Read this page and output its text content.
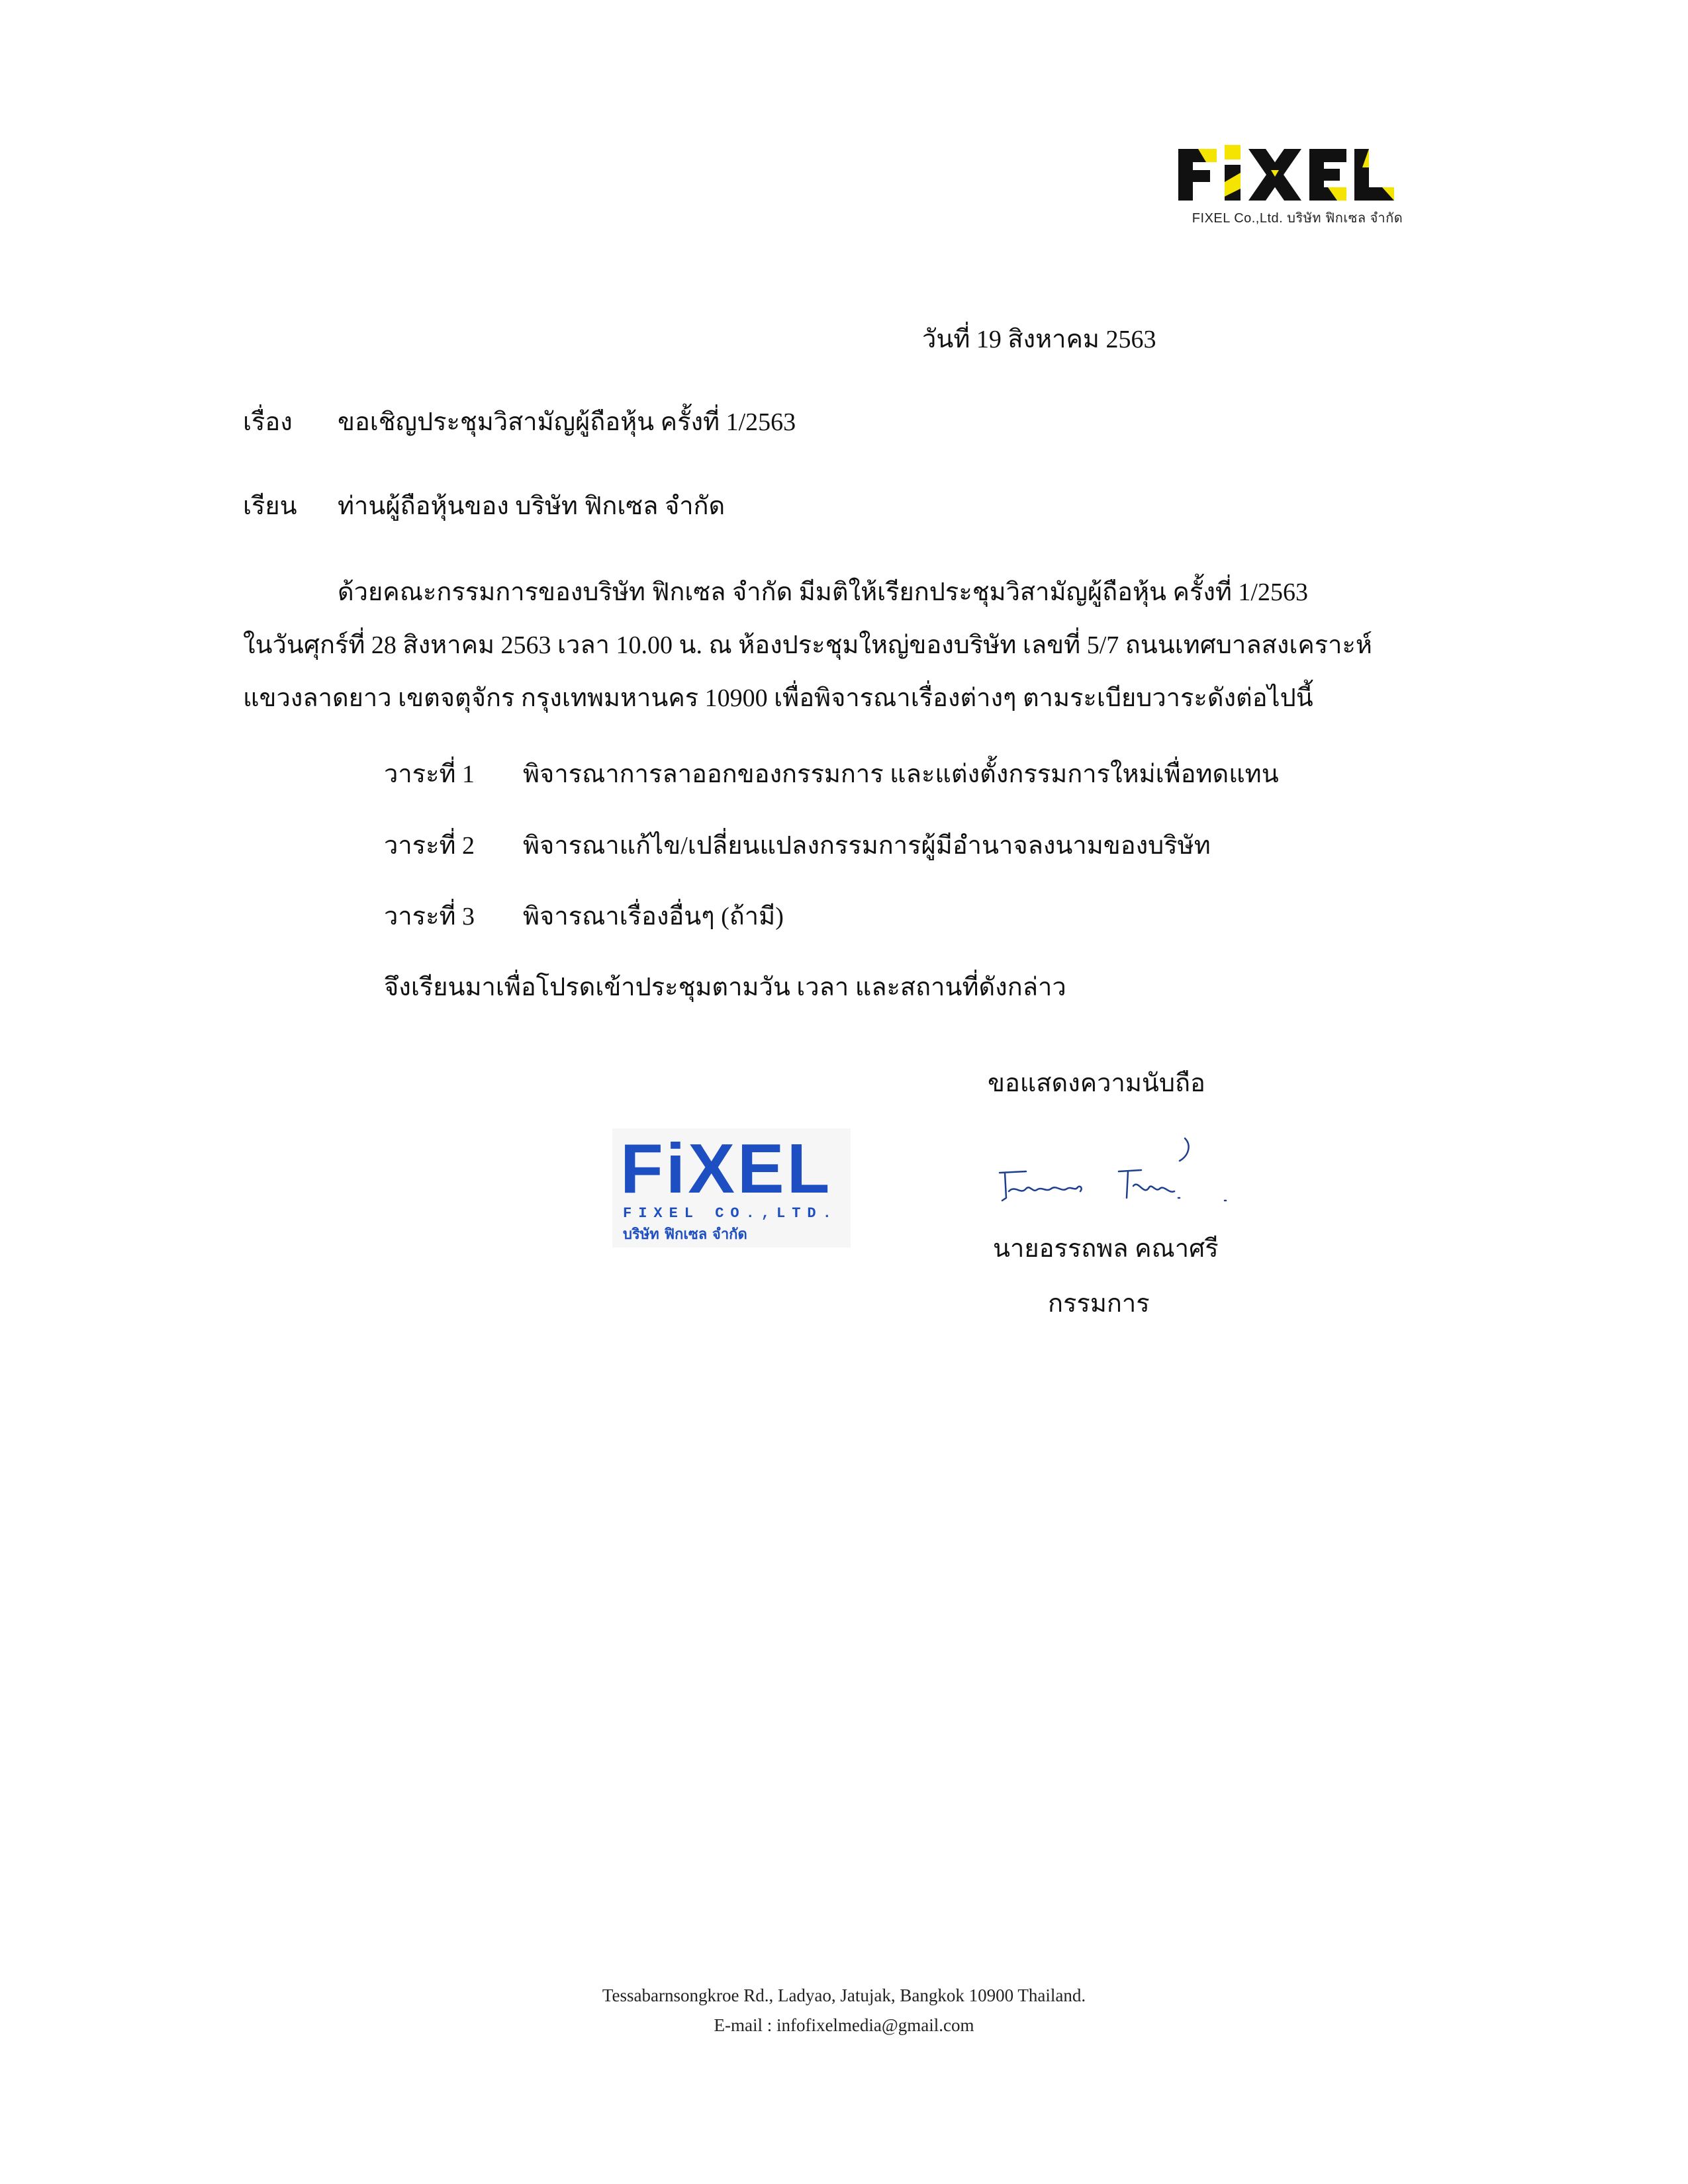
FIXEL Co.,Ltd. บริษัท ฟิกเซล จำกัด
วันที่ 19 สิงหาคม 2563
เรื่อง ขอเชิญประชุมวิสามัญผู้ถือหุ้น ครั้งที่ 1/2563
เรียน ท่านผู้ถือหุ้นของ บริษัท ฟิกเซล จำกัด
ด้วยคณะกรรมการของบริษัท ฟิกเซล จำกัด มีมติให้เรียกประชุมวิสามัญผู้ถือหุ้น ครั้งที่ 1/2563
ในวันศุกร์ที่ 28 สิงหาคม 2563 เวลา 10.00 น. ณ ห้องประชุมใหญ่ของบริษัท เลขที่ 5/7 ถนนเทศบาลสงเคราะห์
แขวงลาดยาว เขตจตุจักร กรุงเทพมหานคร 10900 เพื่อพิจารณาเรื่องต่างๆ ตามระเบียบวาระดังต่อไปนี้
วาระที่ 1 พิจารณาการลาออกของกรรมการ และแต่งตั้งกรรมการใหม่เพื่อทดแทน
วาระที่ 2 พิจารณาแก้ไข/เปลี่ยนแปลงกรรมการผู้มีอำนาจลงนามของบริษัท
วาระที่ 3 พิจารณาเรื่องอื่นๆ (ถ้ามี)
จึงเรียนมาเพื่อโปรดเข้าประชุมตามวัน เวลา และสถานที่ดังกล่าว
ขอแสดงความนับถือ
FiXEL
FIXEL CO.,LTD.
บริษัท ฟิกเซล จำกัด
นายอรรถพล คณาศรี
กรรมการ
Tessabarnsongkroe Rd., Ladyao, Jatujak, Bangkok 10900 Thailand.
E-mail : infofixelmedia@gmail.com
